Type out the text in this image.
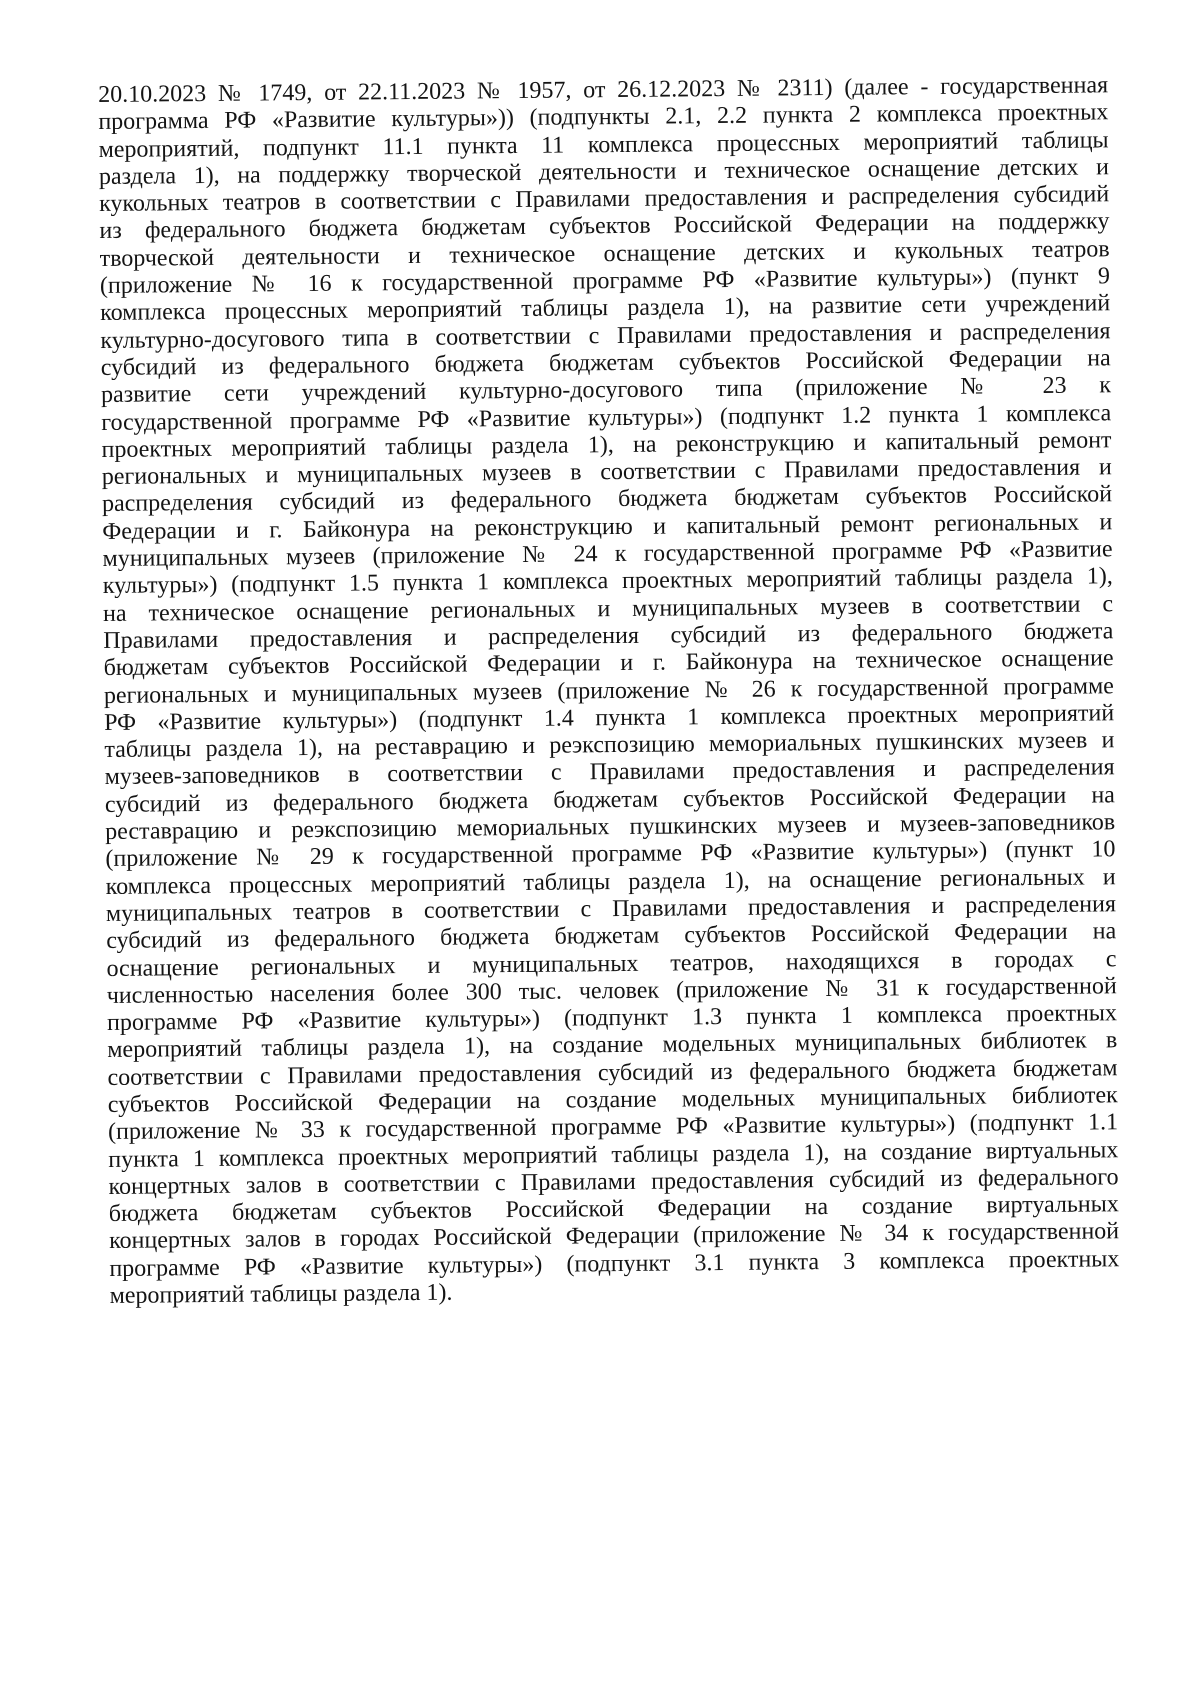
20.10.2023 № 1749, от 22.11.2023 № 1957, от 26.12.2023 № 2311) (далее - государственная

программа РФ «Развитие культуры»)) (подпункты 2.1, 2.2 пункта 2 комплекса проектных

мероприятий, подпункт 11.1 пункта 11 комплекса процессных мероприятий таблицы

раздела 1), на поддержку творческой деятельности и техническое оснащение детских и

кукольных театров в соответствии с Правилами предоставления и распределения субсидий

из федерального бюджета бюджетам субъектов Российской Федерации на поддержку

творческой деятельности и техническое оснащение детских и кукольных театров

(приложение № 16 к государственной программе РФ «Развитие культуры») (пункт 9

комплекса процессных мероприятий таблицы раздела 1), на развитие сети учреждений

культурно-досугового типа в соответствии с Правилами предоставления и распределения

субсидий из федерального бюджета бюджетам субъектов Российской Федерации на

развитие сети учреждений культурно-досугового типа (приложение № 23 к

государственной программе РФ «Развитие культуры») (подпункт 1.2 пункта 1 комплекса

проектных мероприятий таблицы раздела 1), на реконструкцию и капитальный ремонт

региональных и муниципальных музеев в соответствии с Правилами предоставления и

распределения субсидий из федерального бюджета бюджетам субъектов Российской

Федерации и г. Байконура на реконструкцию и капитальный ремонт региональных и

муниципальных музеев (приложение № 24 к государственной программе РФ «Развитие

культуры») (подпункт 1.5 пункта 1 комплекса проектных мероприятий таблицы раздела 1),

на техническое оснащение региональных и муниципальных музеев в соответствии с

Правилами предоставления и распределения субсидий из федерального бюджета

бюджетам субъектов Российской Федерации и г. Байконура на техническое оснащение

региональных и муниципальных музеев (приложение № 26 к государственной программе

РФ «Развитие культуры») (подпункт 1.4 пункта 1 комплекса проектных мероприятий

таблицы раздела 1), на реставрацию и реэкспозицию мемориальных пушкинских музеев и

музеев-заповедников в соответствии с Правилами предоставления и распределения

субсидий из федерального бюджета бюджетам субъектов Российской Федерации на

реставрацию и реэкспозицию мемориальных пушкинских музеев и музеев-заповедников

(приложение № 29 к государственной программе РФ «Развитие культуры») (пункт 10

комплекса процессных мероприятий таблицы раздела 1), на оснащение региональных и

муниципальных театров в соответствии с Правилами предоставления и распределения

субсидий из федерального бюджета бюджетам субъектов Российской Федерации на

оснащение региональных и муниципальных театров, находящихся в городах с

численностью населения более 300 тыс. человек (приложение № 31 к государственной

программе РФ «Развитие культуры») (подпункт 1.3 пункта 1 комплекса проектных

мероприятий таблицы раздела 1), на создание модельных муниципальных библиотек в

соответствии с Правилами предоставления субсидий из федерального бюджета бюджетам

субъектов Российской Федерации на создание модельных муниципальных библиотек

(приложение № 33 к государственной программе РФ «Развитие культуры») (подпункт 1.1

пункта 1 комплекса проектных мероприятий таблицы раздела 1), на создание виртуальных

концертных залов в соответствии с Правилами предоставления субсидий из федерального

бюджета бюджетам субъектов Российской Федерации на создание виртуальных

концертных залов в городах Российской Федерации (приложение № 34 к государственной

программе РФ «Развитие культуры») (подпункт 3.1 пункта 3 комплекса проектных

мероприятий таблицы раздела 1).
